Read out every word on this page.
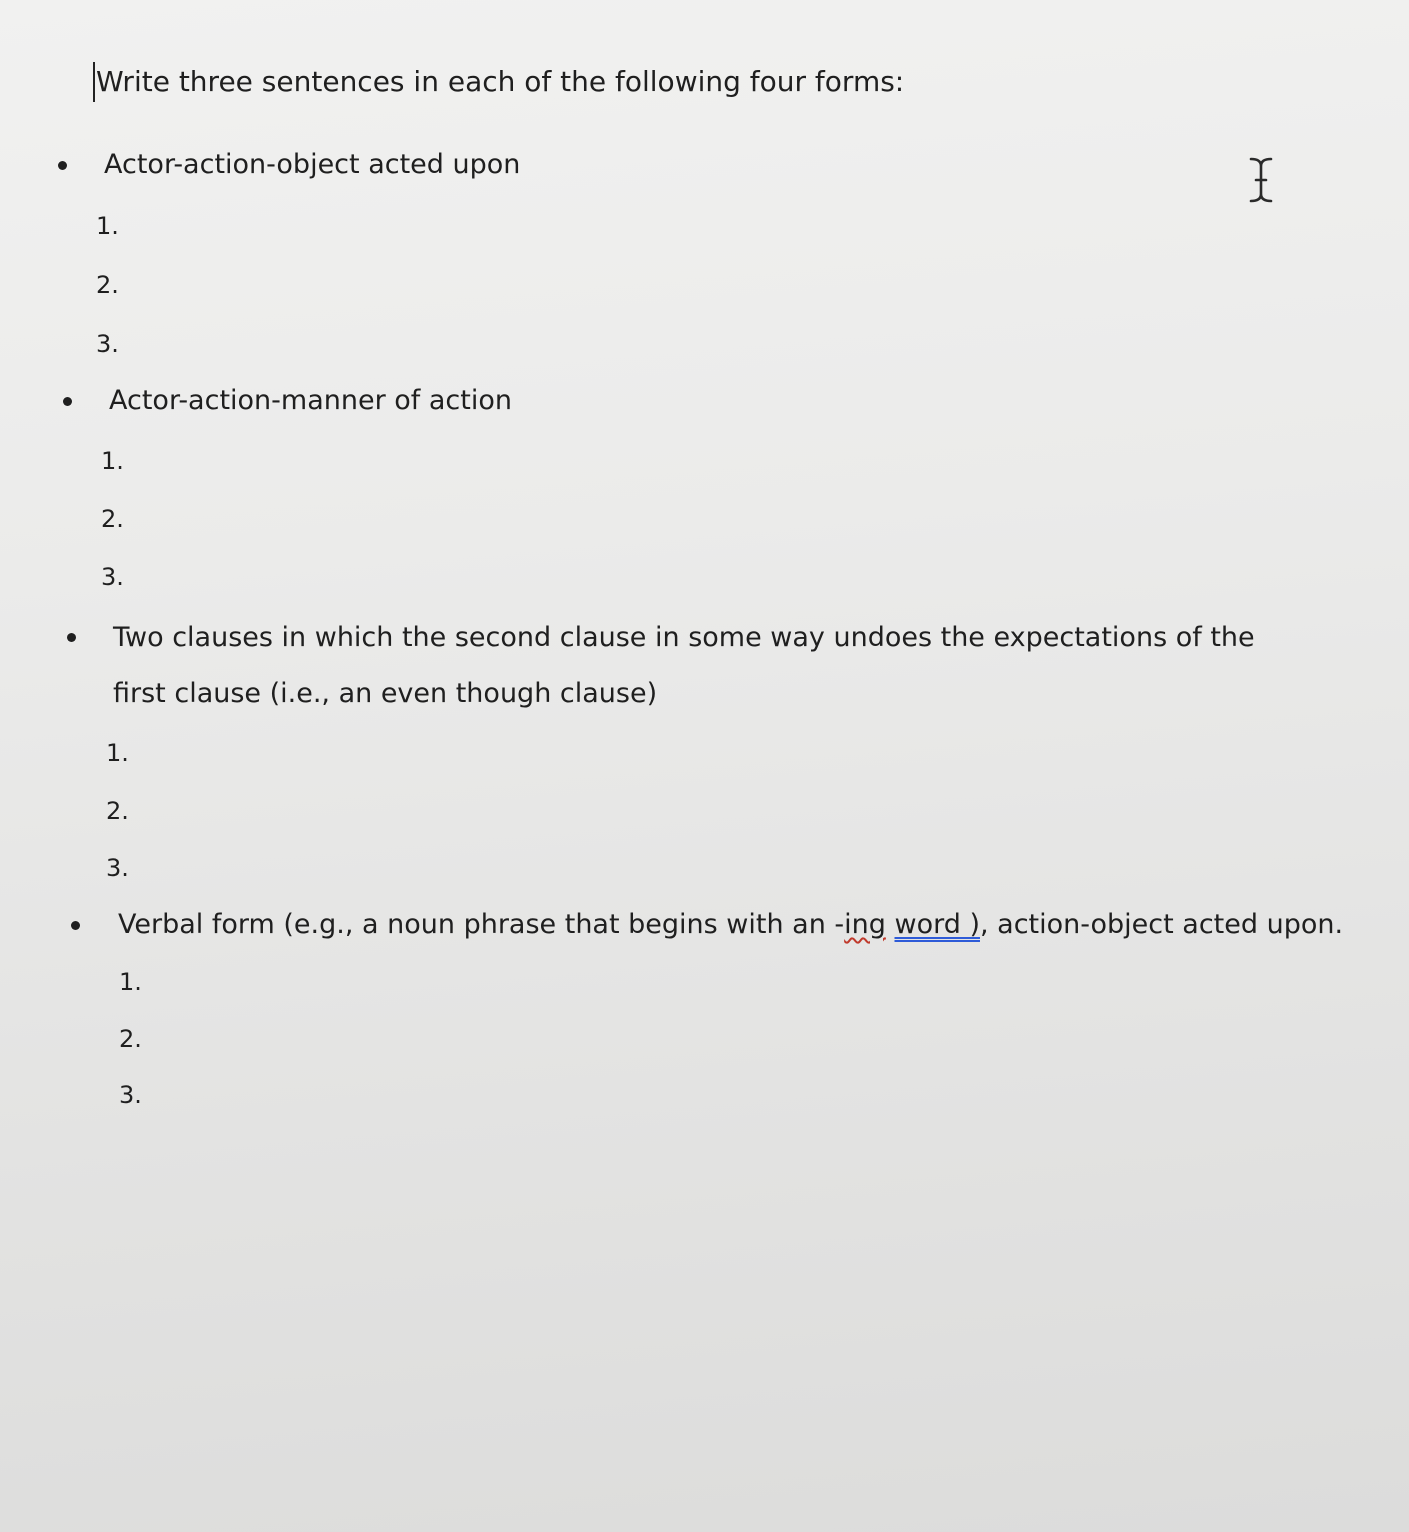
Write three sentences in each of the following four forms:
Actor-action-object acted upon
1.
2.
3.
Actor-action-manner of action
1.
2.
3.
Two clauses in which the second clause in some way undoes the expectations of the first clause (i.e., an even though clause)
1.
2.
3.
Verbal form (e.g., a noun phrase that begins with an -ing word ), action-object acted upon.
1.
2.
3.
